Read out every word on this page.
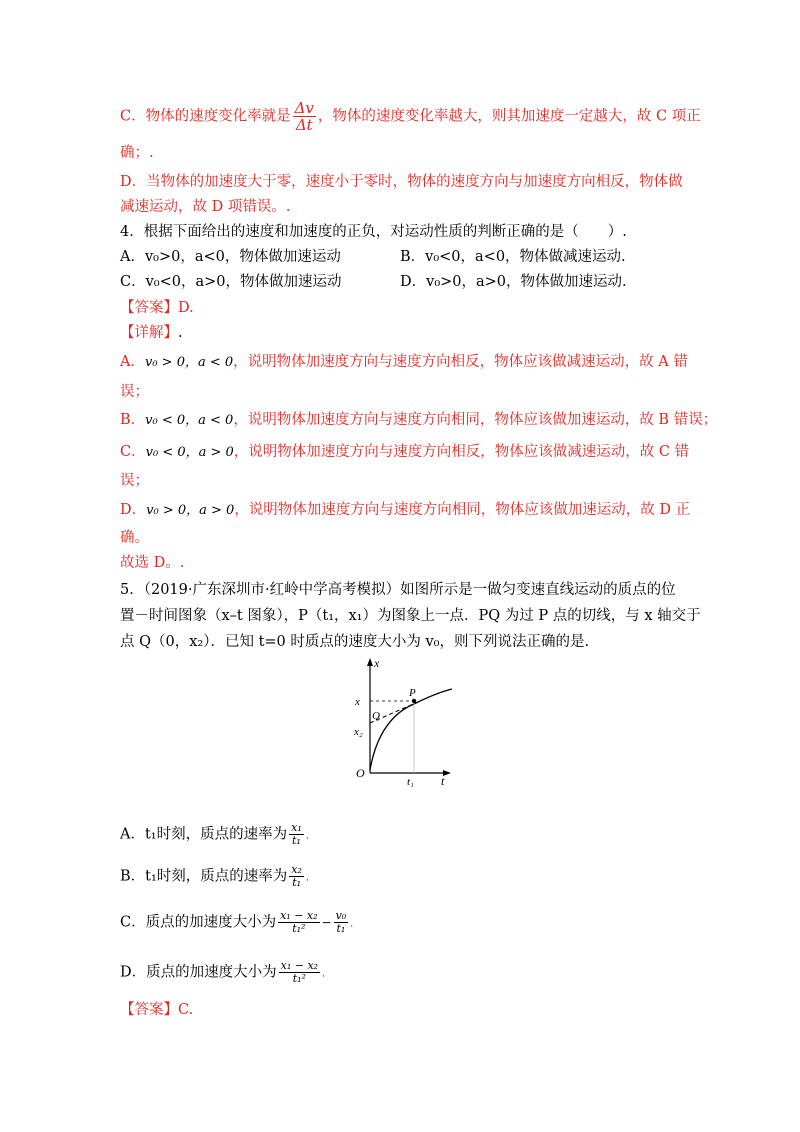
C．物体的速度变化率就是 $\frac{\Delta v}{\Delta t}$ ，物体的速度变化率越大，则其加速度一定越大，故 C 项正
确；.
D．当物体的加速度大于零，速度小于零时，物体的速度方向与加速度方向相反，物体做
减速运动，故 D 项错误。.
4．根据下面给出的速度和加速度的正负，对运动性质的判断正确的是（　　）.
A．v₀>0，a<0，物体做加速运动	B．v₀<0，a<0，物体做减速运动.
C．v₀<0，a>0，物体做加速运动	D．v₀>0，a>0，物体做加速运动.
【答案】D.
【详解】.
A．v₀ > 0，a < 0，说明物体加速度方向与速度方向相反，物体应该做减速运动，故 A 错
误；
B．v₀ < 0，a < 0，说明物体加速度方向与速度方向相同，物体应该做加速运动，故 B 错误；
C．v₀ < 0，a > 0，说明物体加速度方向与速度方向相反，物体应该做减速运动，故 C 错
误；
D．v₀ > 0，a > 0，说明物体加速度方向与速度方向相同，物体应该做加速运动，故 D 正
确。
故选 D。.
5．（2019·广东深圳市·红岭中学高考模拟）如图所示是一做匀变速直线运动的质点的位
置－时间图象（x–t 图象），P（t₁，x₁）为图象上一点．PQ 为过 P 点的切线，与 x 轴交于
点 Q（0，x₂）．已知 t=0 时质点的速度大小为 v₀，则下列说法正确的是.
x
t
O
x
x₂
t₁
P
Q
A．t₁时刻，质点的速率为 $\frac{\text{x₁}}{\text{t₁}}$ .
B．t₁时刻，质点的速率为 $\frac{\text{x₂}}{\text{t₁}}$ .
C．质点的加速度大小为 $\frac{\text{x₁ − x₂}}{\text{t₁²}} - \frac{\text{v₀}}{\text{t₁}}$ .
D．质点的加速度大小为 $\frac{\text{x₁ − x₂}}{\text{t₁²}}$ .
【答案】C.
